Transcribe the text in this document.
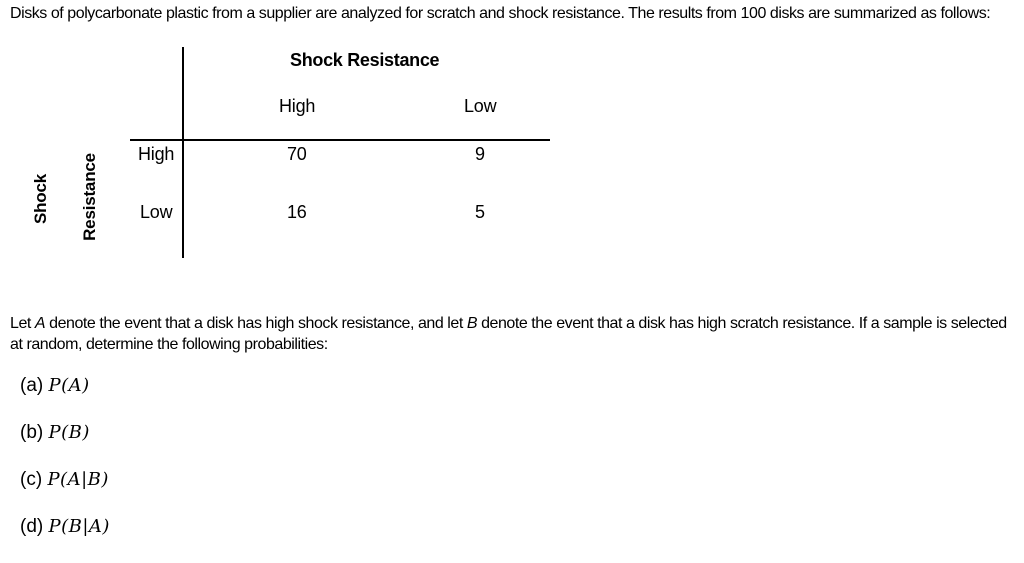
Disks of polycarbonate plastic from a supplier are analyzed for scratch and shock resistance. The results from 100 disks are summarized as follows:
Shock Resistance
High	Low
Shock Resistance High	70	9
Low	16	5
Let A denote the event that a disk has high shock resistance, and let B denote the event that a disk has high scratch resistance. If a sample is selected at random, determine the following probabilities:
(a) P(A)
(b) P(B)
(c) P(A|B)
(d) P(B|A)
